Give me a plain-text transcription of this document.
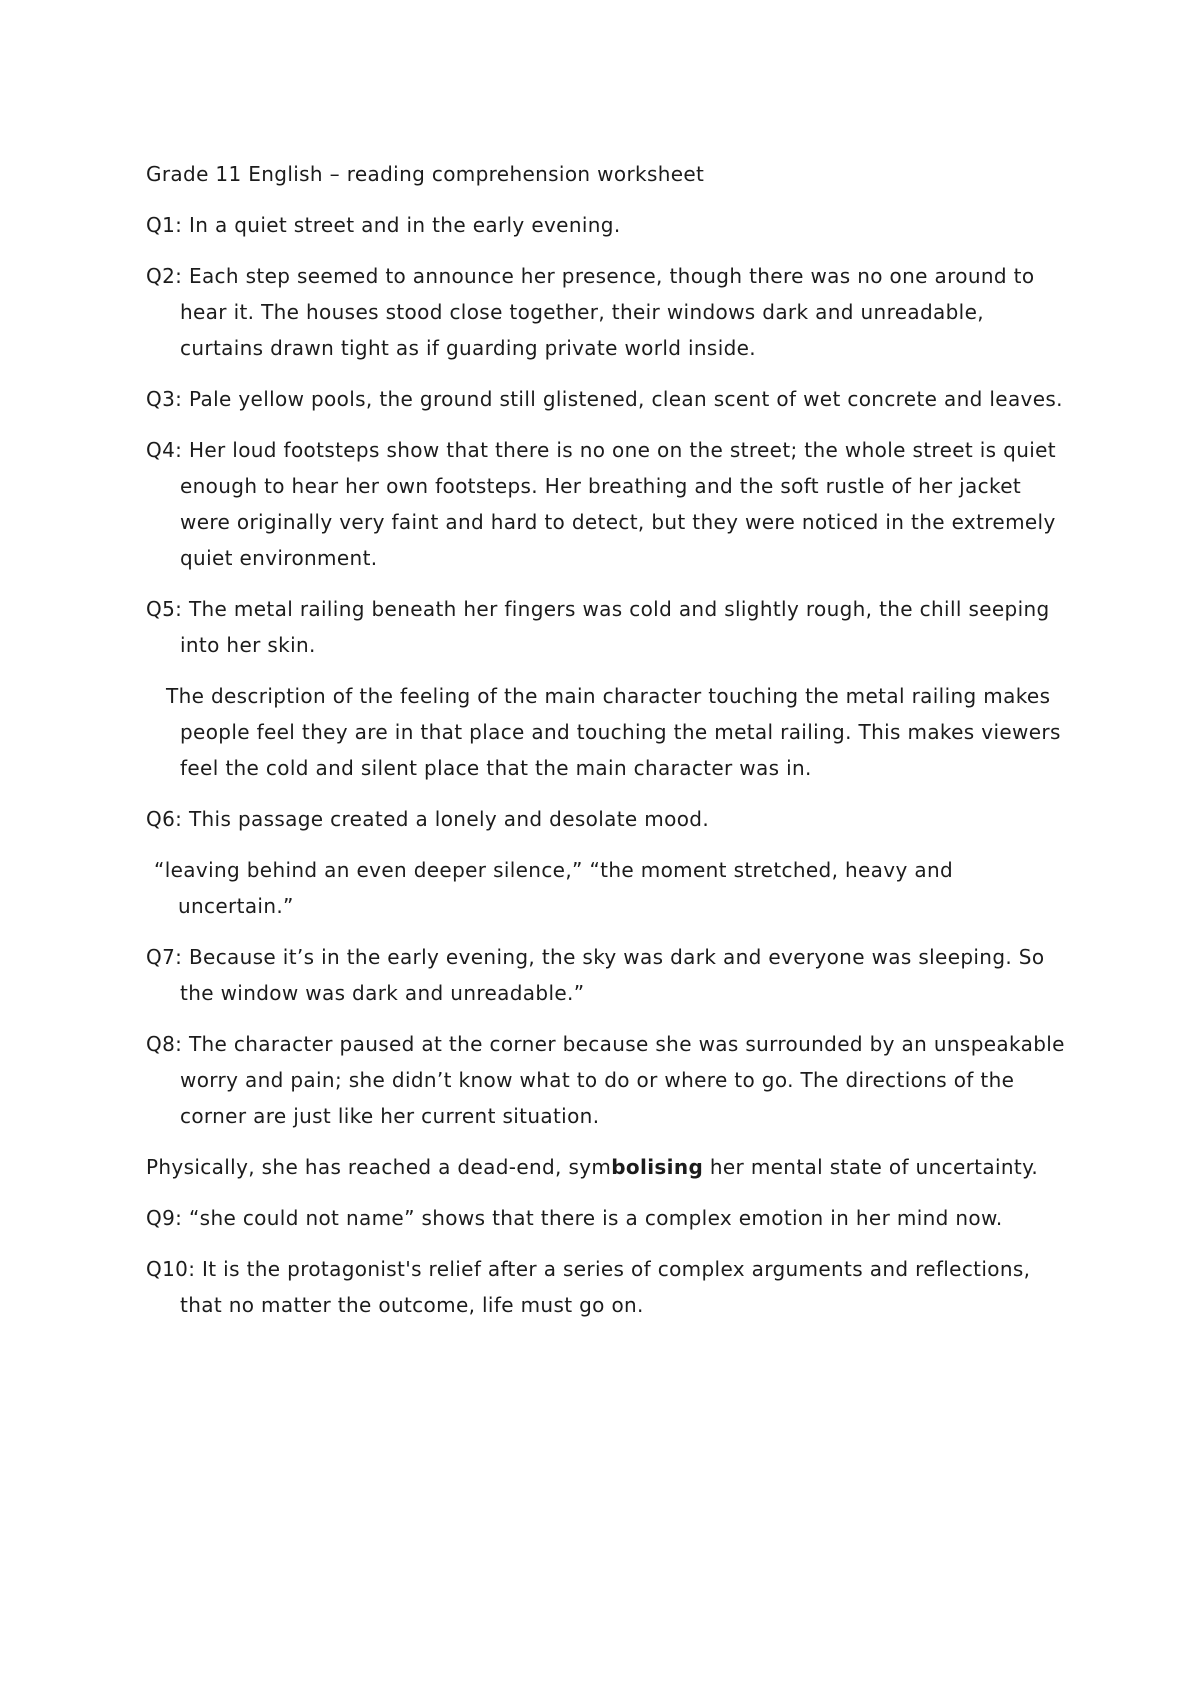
Grade 11 English – reading comprehension worksheet

Q1: In a quiet street and in the early evening.

Q2: Each step seemed to announce her presence, though there was no one around to hear it. The houses stood close together, their windows dark and unreadable, curtains drawn tight as if guarding private world inside.

Q3: Pale yellow pools, the ground still glistened, clean scent of wet concrete and leaves.

Q4: Her loud footsteps show that there is no one on the street; the whole street is quiet enough to hear her own footsteps. Her breathing and the soft rustle of her jacket were originally very faint and hard to detect, but they were noticed in the extremely quiet environment.

Q5: The metal railing beneath her fingers was cold and slightly rough, the chill seeping into her skin.

The description of the feeling of the main character touching the metal railing makes people feel they are in that place and touching the metal railing. This makes viewers feel the cold and silent place that the main character was in.

Q6: This passage created a lonely and desolate mood.

“leaving behind an even deeper silence,” “the moment stretched, heavy and uncertain.”

Q7: Because it’s in the early evening, the sky was dark and everyone was sleeping. So the window was dark and unreadable.”

Q8: The character paused at the corner because she was surrounded by an unspeakable worry and pain; she didn’t know what to do or where to go. The directions of the corner are just like her current situation.

Physically, she has reached a dead-end, symbolising her mental state of uncertainty.

Q9: “she could not name” shows that there is a complex emotion in her mind now.

Q10: It is the protagonist's relief after a series of complex arguments and reflections, that no matter the outcome, life must go on.
